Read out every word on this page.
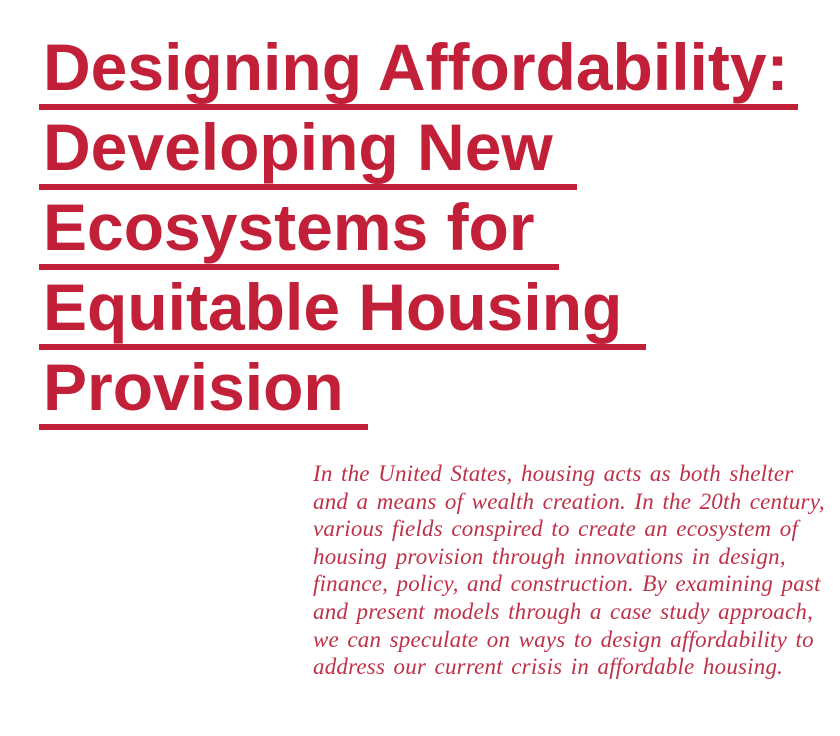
Designing Affordability:
Developing New
Ecosystems for
Equitable Housing
Provision
In the United States, housing acts as both shelter
and a means of wealth creation. In the 20th century,
various fields conspired to create an ecosystem of
housing provision through innovations in design,
finance, policy, and construction. By examining past
and present models through a case study approach,
we can speculate on ways to design affordability to
address our current crisis in affordable housing.
